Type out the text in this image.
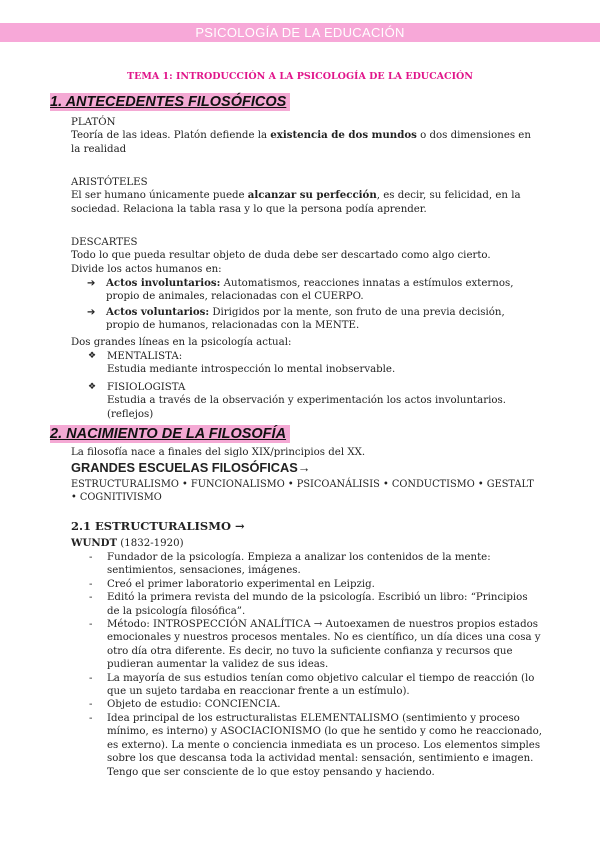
PSICOLOGÍA DE LA EDUCACIÓN
TEMA 1: INTRODUCCIÓN A LA PSICOLOGÍA DE LA EDUCACIÓN
1. ANTECEDENTES FILOSÓFICOS

PLATÓN

Teoría de las ideas. Platón defiende la existencia de dos mundos o dos dimensiones en la realidad

ARISTÓTELES

El ser humano únicamente puede alcanzar su perfección, es decir, su felicidad, en la sociedad. Relaciona la tabla rasa y lo que la persona podía aprender.

DESCARTES

Todo lo que pueda resultar objeto de duda debe ser descartado como algo cierto.

Divide los actos humanos en:

➔	Actos involuntarios: Automatismos, reacciones innatas a estímulos externos, propio de animales, relacionadas con el CUERPO.
➔	Actos voluntarios: Dirigidos por la mente, son fruto de una previa decisión, propio de humanos, relacionadas con la MENTE.

Dos grandes líneas en la psicología actual:

❖	MENTALISTA:
Estudia mediante introspección lo mental inobservable.
❖	FISIOLOGISTA
Estudia a través de la observación y experimentación los actos involuntarios. (reflejos)
2. NACIMIENTO DE LA FILOSOFÍA

La filosofía nace a finales del siglo XIX/principios del XX.

GRANDES ESCUELAS FILOSÓFICAS→

ESTRUCTURALISMO • FUNCIONALISMO • PSICOANÁLISIS • CONDUCTISMO • GESTALT • COGNITIVISMO

2.1 ESTRUCTURALISMO →
WUNDT (1832-1920)
-	Fundador de la psicología. Empieza a analizar los contenidos de la mente: sentimientos, sensaciones, imágenes.
-	Creó el primer laboratorio experimental en Leipzig.
-	Editó la primera revista del mundo de la psicología. Escribió un libro: “Principios de la psicología filosófica”.
-	Método: INTROSPECCIÓN ANALÍTICA → Autoexamen de nuestros propios estados emocionales y nuestros procesos mentales. No es científico, un día dices una cosa y otro día otra diferente. Es decir, no tuvo la suficiente confianza y recursos que pudieran aumentar la validez de sus ideas.
-	La mayoría de sus estudios tenían como objetivo calcular el tiempo de reacción (lo que un sujeto tardaba en reaccionar frente a un estímulo).
-	Objeto de estudio: CONCIENCIA.
-	Idea principal de los estructuralistas ELEMENTALISMO (sentimiento y proceso mínimo, es interno) y ASOCIACIONISMO (lo que he sentido y como he reaccionado, es externo). La mente o conciencia inmediata es un proceso. Los elementos simples sobre los que descansa toda la actividad mental: sensación, sentimiento e imagen. Tengo que ser consciente de lo que estoy pensando y haciendo.
